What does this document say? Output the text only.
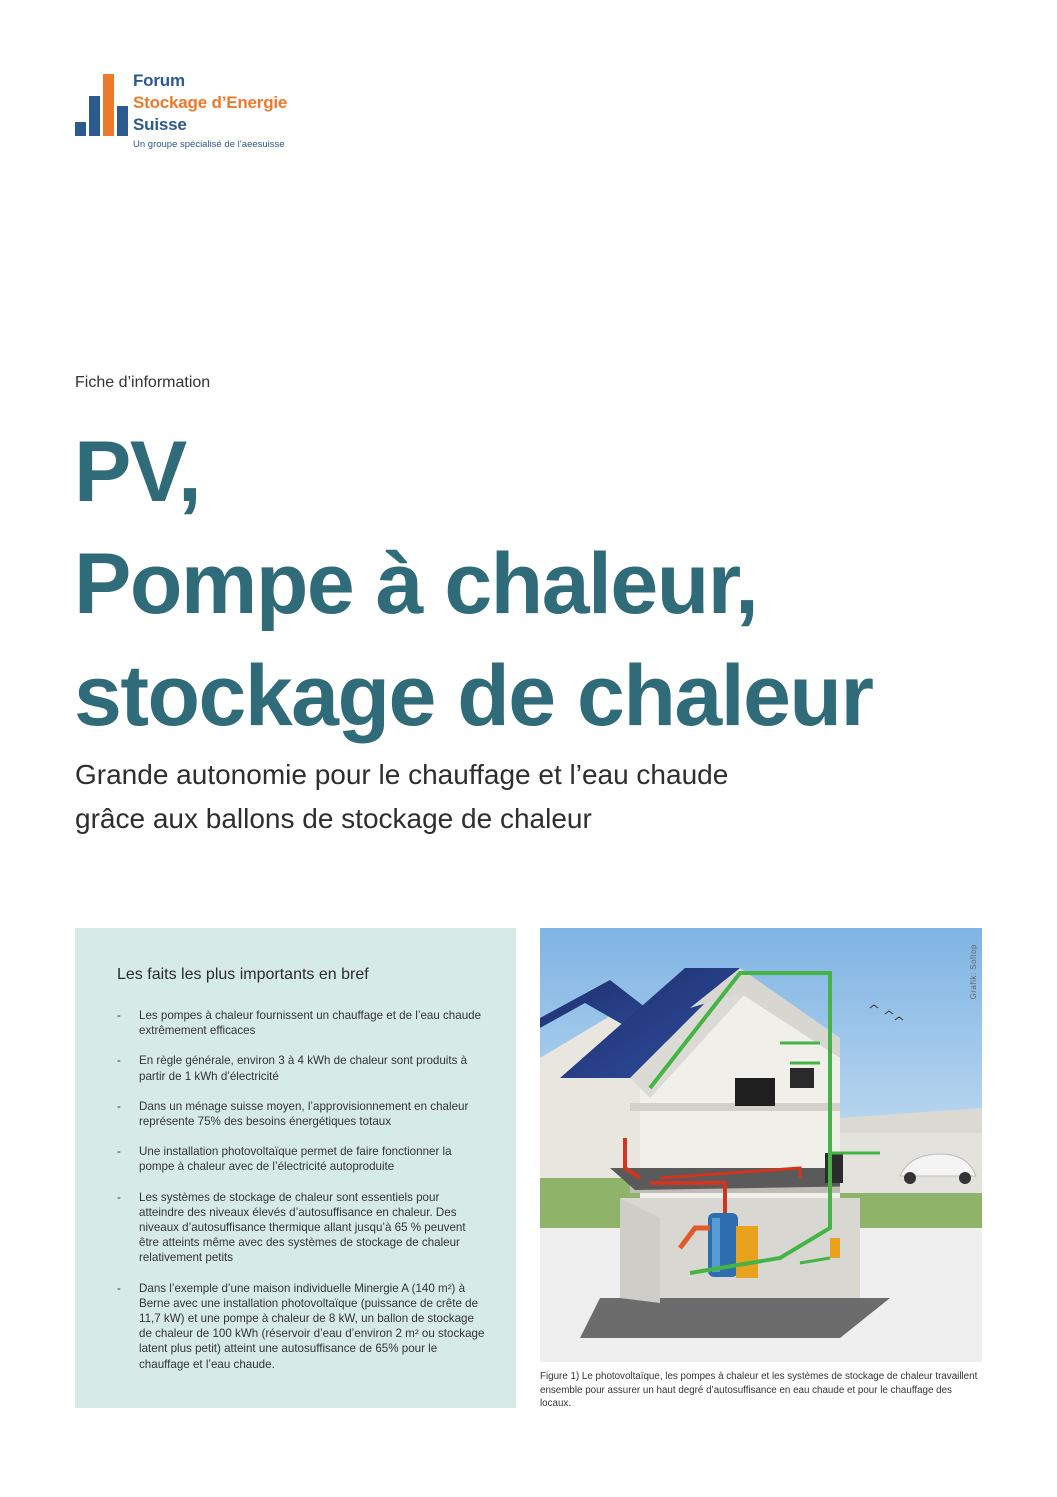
Forum
Stockage d’Energie
Suisse
Un groupe spécialisé de l’aeesuisse
Fiche d’information
PV,
Pompe à chaleur,
stockage de chaleur
Grande autonomie pour le chauffage et l’eau chaude
grâce aux ballons de stockage de chaleur
Les faits les plus importants en bref
- Les pompes à chaleur fournissent un chauffage et de l’eau chaude extrêmement efficaces
- En règle générale, environ 3 à 4 kWh de chaleur sont produits à partir de 1 kWh d’électricité
- Dans un ménage suisse moyen, l’approvisionnement en chaleur représente 75% des besoins énergétiques totaux
- Une installation photovoltaïque permet de faire fonctionner la pompe à chaleur avec de l’électricité autoproduite
- Les systèmes de stockage de chaleur sont essentiels pour atteindre des niveaux élevés d’autosuffisance en chaleur. Des niveaux d’autosuffisance thermique allant jusqu’à 65 % peuvent être atteints même avec des systèmes de stockage de chaleur relativement petits
- Dans l’exemple d’une maison individuelle Minergie A (140 m²) à Berne avec une installation photovoltaïque (puissance de crête de 11,7 kW) et une pompe à chaleur de 8 kW, un ballon de stockage de chaleur de 100 kWh (réservoir d’eau d’environ 2 m² ou stockage latent plus petit) atteint une autosuffisance de 65% pour le chauffage et l’eau chaude.
Grafik: Soltop
Figure 1) Le photovoltaïque, les pompes à chaleur et les systèmes de stockage de chaleur travaillent ensemble pour assurer un haut degré d’autosuffisance en eau chaude et pour le chauffage des locaux.
